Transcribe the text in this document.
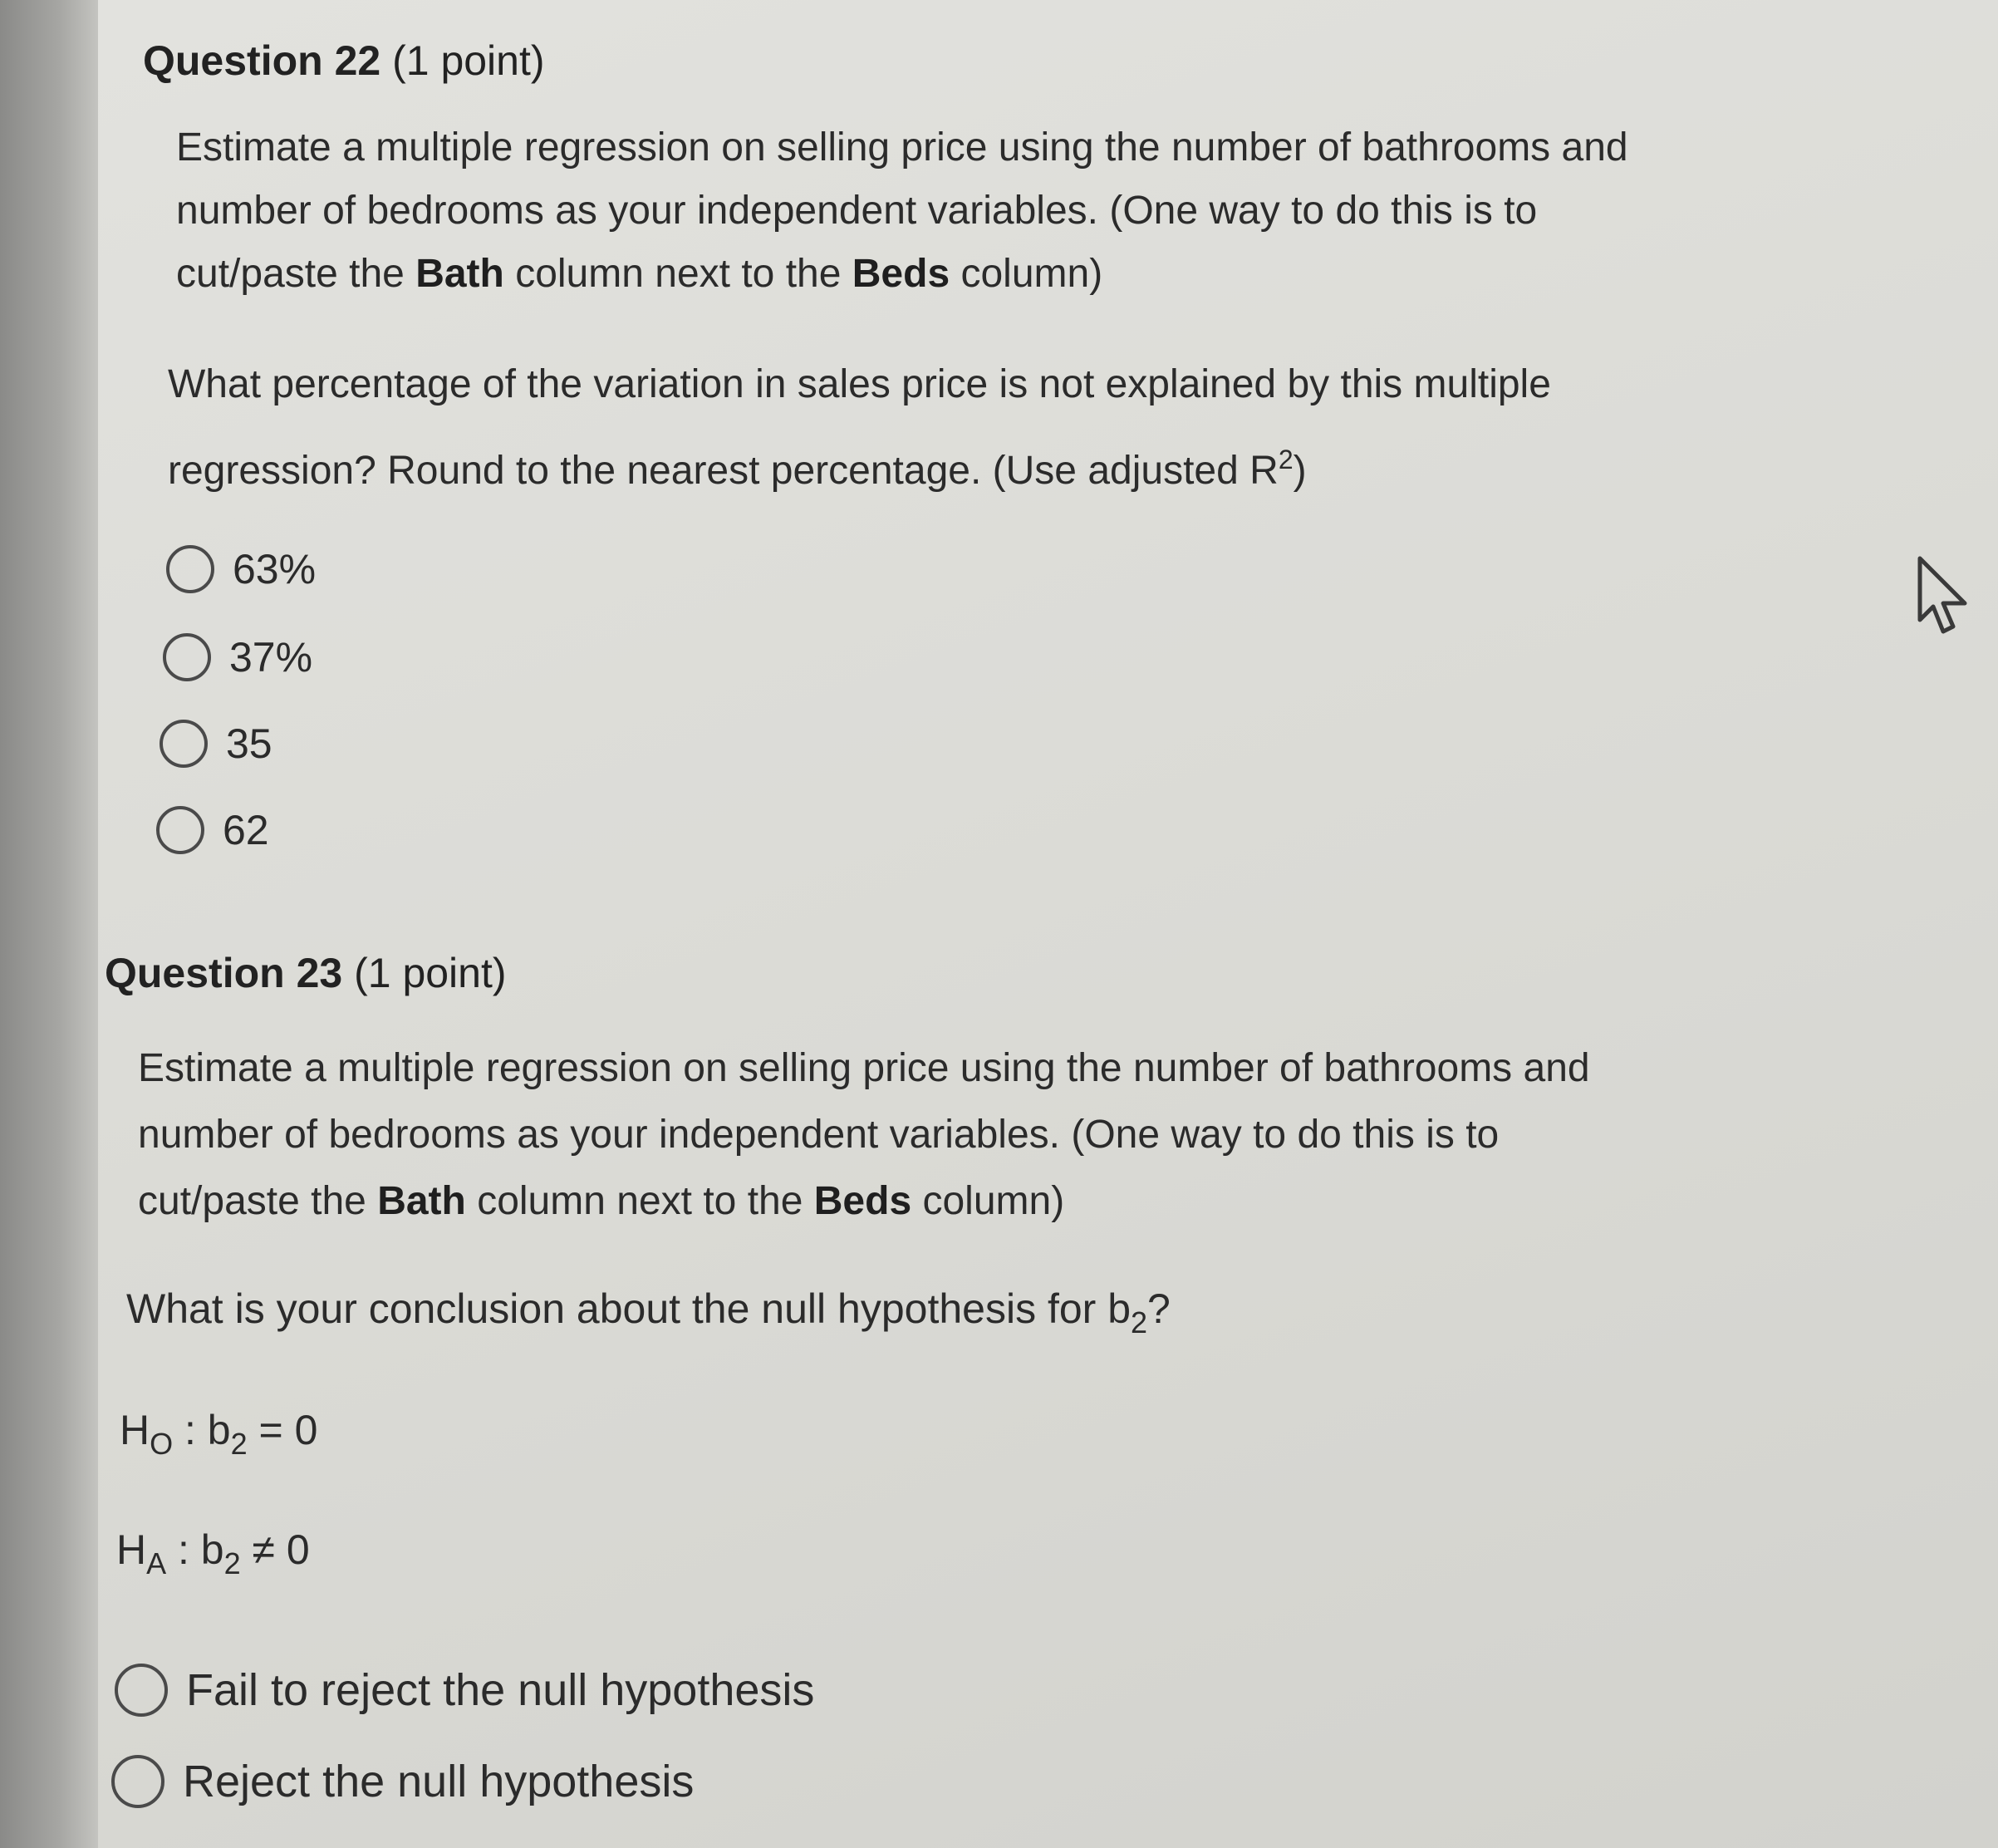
Question 22 (1 point)
Estimate a multiple regression on selling price using the number of bathrooms and
number of bedrooms as your independent variables. (One way to do this is to
cut/paste the Bath column next to the Beds column)
What percentage of the variation in sales price is not explained by this multiple
regression? Round to the nearest percentage. (Use adjusted $R^2$)
63%
37%
35
62
Question 23 (1 point)
Estimate a multiple regression on selling price using the number of bathrooms and
number of bedrooms as your independent variables. (One way to do this is to
cut/paste the Bath column next to the Beds column)
What is your conclusion about the null hypothesis for $b_2$?
$H_O$ : $b_2 = 0$
$H_A$ : $b_2 \ne 0$
Fail to reject the null hypothesis
Reject the null hypothesis
